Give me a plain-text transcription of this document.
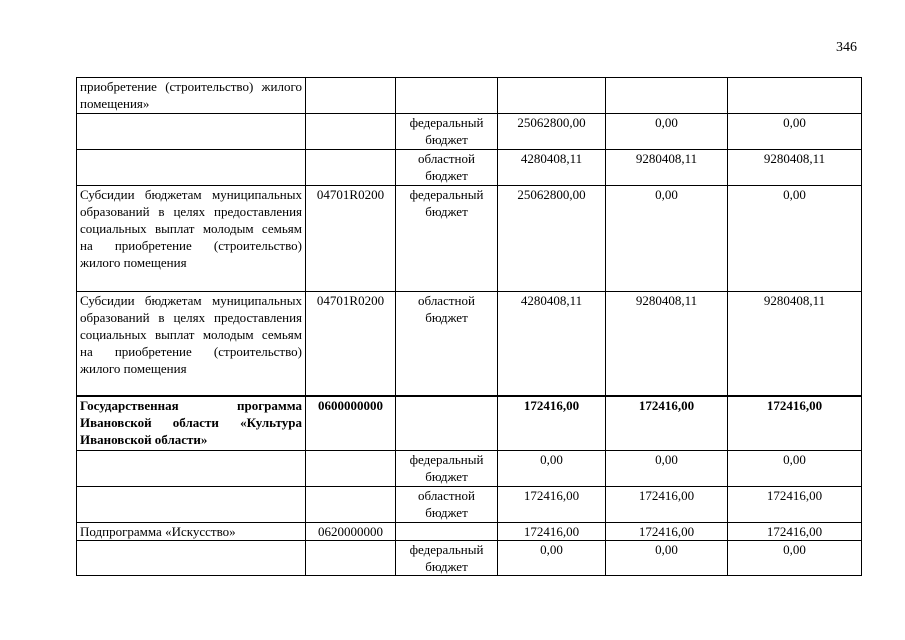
346
приобретение (строительство) жилого помещения»					
		федеральный бюджет	25062800,00	0,00	0,00
		областной бюджет	4280408,11	9280408,11	9280408,11
Субсидии бюджетам муниципальных образований в целях предоставления социальных выплат молодым семьям на приобретение (строительство) жилого помещения	04701R0200	федеральный бюджет	25062800,00	0,00	0,00
Субсидии бюджетам муниципальных образований в целях предоставления социальных выплат молодым семьям на приобретение (строительство) жилого помещения	04701R0200	областной бюджет	4280408,11	9280408,11	9280408,11
Государственная программа Ивановской области «Культура Ивановской области»	0600000000		172416,00	172416,00	172416,00
		федеральный бюджет	0,00	0,00	0,00
		областной бюджет	172416,00	172416,00	172416,00
Подпрограмма «Искусство»	0620000000		172416,00	172416,00	172416,00
		федеральный бюджет	0,00	0,00	0,00
